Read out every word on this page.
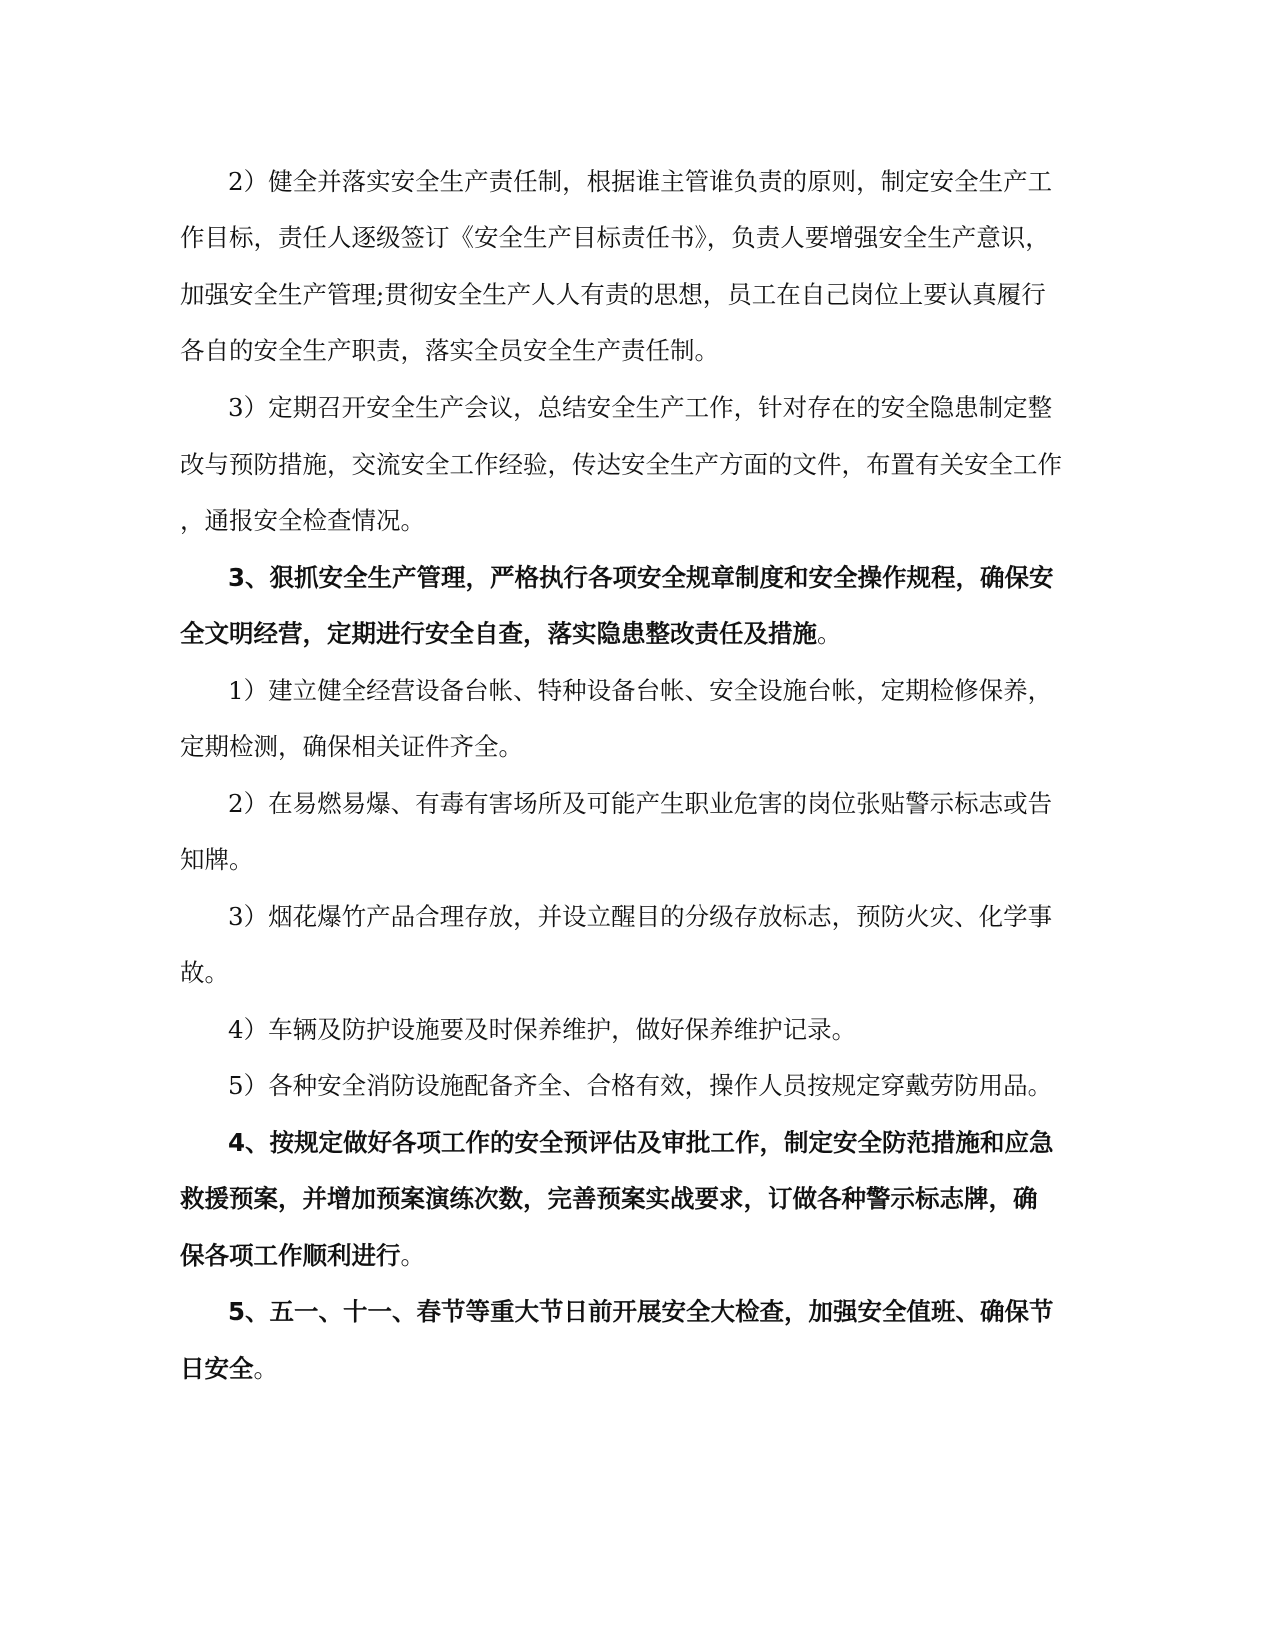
2）健全并落实安全生产责任制，根据谁主管谁负责的原则，制定安全生产工
作目标，责任人逐级签订《安全生产目标责任书》，负责人要增强安全生产意识，
加强安全生产管理;贯彻安全生产人人有责的思想，员工在自己岗位上要认真履行
各自的安全生产职责，落实全员安全生产责任制。
3）定期召开安全生产会议，总结安全生产工作，针对存在的安全隐患制定整
改与预防措施，交流安全工作经验，传达安全生产方面的文件，布置有关安全工作
，通报安全检查情况。
3、狠抓安全生产管理，严格执行各项安全规章制度和安全操作规程，确保安
全文明经营，定期进行安全自查，落实隐患整改责任及措施。
1）建立健全经营设备台帐、特种设备台帐、安全设施台帐，定期检修保养，
定期检测，确保相关证件齐全。
2）在易燃易爆、有毒有害场所及可能产生职业危害的岗位张贴警示标志或告
知牌。
3）烟花爆竹产品合理存放，并设立醒目的分级存放标志，预防火灾、化学事
故。
4）车辆及防护设施要及时保养维护，做好保养维护记录。
5）各种安全消防设施配备齐全、合格有效，操作人员按规定穿戴劳防用品。
4、按规定做好各项工作的安全预评估及审批工作，制定安全防范措施和应急
救援预案，并增加预案演练次数，完善预案实战要求，订做各种警示标志牌，确
保各项工作顺利进行。
5、五一、十一、春节等重大节日前开展安全大检查，加强安全值班、确保节
日安全。
